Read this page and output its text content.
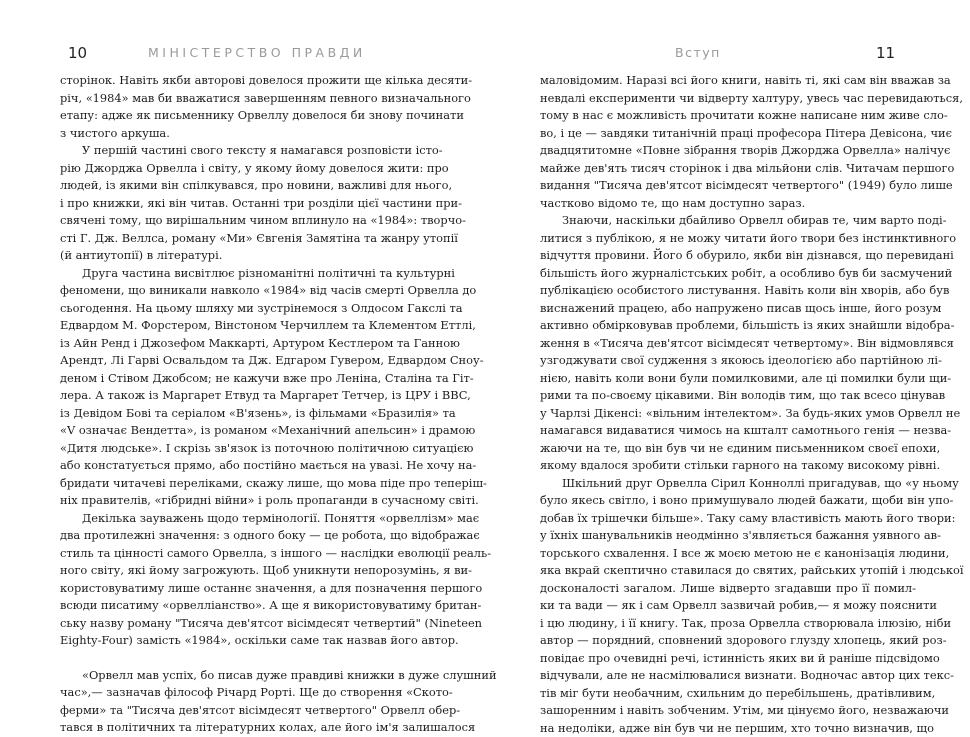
10	МІНІСТЕРСТВО ПРАВДИ
сторінок. Навіть якби авторові довелося прожити ще кілька десяти-
річ, «1984» мав би вважатися завершенням певного визначального
етапу: адже як письменнику Орвеллу довелося би знову починати
з чистого аркуша.
У першій частині свого тексту я намагався розповісти істо-
рію Джорджа Орвелла і світу, у якому йому довелося жити: про
людей, із якими він спілкувався, про новини, важливі для нього,
і про книжки, які він читав. Останні три розділи цієї частини при-
свячені тому, що вирішальним чином вплинуло на «1984»: творчо-
сті Г. Дж. Веллса, роману «Ми» Євгенія Замятіна та жанру утопії
(й антиутопії) в літературі.
Друга частина висвітлює різноманітні політичні та культурні
феномени, що виникали навколо «1984» від часів смерті Орвелла до
сьогодення. На цьому шляху ми зустрінемося з Олдосом Гакслі та
Едвардом М. Форстером, Вінстоном Черчиллем та Клементом Еттлі,
із Айн Ренд і Джозефом Маккарті, Артуром Кестлером та Ганною
Арендт, Лі Гарві Освальдом та Дж. Едгаром Гувером, Едвардом Сноу-
деном і Стівом Джобсом; не кажучи вже про Леніна, Сталіна та Гіт-
лера. А також із Маргарет Етвуд та Маргарет Тетчер, із ЦРУ і BBC,
із Девідом Бові та серіалом «В'язень», із фільмами «Бразилія» та
«V означає Вендетта», із романом «Механічний апельсин» і драмою
«Дитя людське». І скрізь зв'язок із поточною політичною ситуацією
або констатується прямо, або постійно мається на увазі. Не хочу на-
бридати читачеві переліками, скажу лише, що мова піде про теперіш-
ніх правителів, «гібридні війни» і роль пропаганди в сучасному світі.
Декілька зауважень щодо термінології. Поняття «орвеллізм» має
два протилежні значення: з одного боку — це робота, що відображає
стиль та цінності самого Орвелла, з іншого — наслідки еволюції реаль-
ного світу, які йому загрожують. Щоб уникнути непорозумінь, я ви-
користовуватиму лише останнє значення, а для позначення першого
всюди писатиму «орвелліанство». А ще я використовуватиму британ-
ську назву роману "Тисяча дев'ятсот вісімдесят четвертий" (Nineteen
Eighty-Four) замість «1984», оскільки саме так назвав його автор.
«Орвелл мав успіх, бо писав дуже правдиві книжки в дуже слушний
час»,— зазначав філософ Річард Рорті. Ще до створення «Ското-
ферми» та "Тисяча дев'ятсот вісімдесят четвертого" Орвелл обер-
тався в політичних та літературних колах, але його ім'я залишалося
Вступ	11
маловідомим. Наразі всі його книги, навіть ті, які сам він вважав за
невдалі експерименти чи відверту халтуру, увесь час перевидаються,
тому в нас є можливість прочитати кожне написане ним живе сло-
во, і це — завдяки титанічній праці професора Пітера Девісона, чиє
двадцятитомне «Повне зібрання творів Джорджа Орвелла» налічує
майже дев'ять тисяч сторінок і два мільйони слів. Читачам першого
видання "Тисяча дев'ятсот вісімдесят четвертого" (1949) було лише
частково відомо те, що нам доступно зараз.
Знаючи, наскільки дбайливо Орвелл обирав те, чим варто поді-
литися з публікою, я не можу читати його твори без інстинктивного
відчуття провини. Його б обурило, якби він дізнався, що перевидані
більшість його журналістських робіт, а особливо був би засмучений
публікацією особистого листування. Навіть коли він хворів, або був
виснажений працею, або напружено писав щось інше, його розум
активно обмірковував проблеми, більшість із яких знайшли відобра-
ження в «Тисяча дев'ятсот вісімдесят четвертому». Він відмовлявся
узгоджувати свої судження з якоюсь ідеологією або партійною лі-
нією, навіть коли вони були помилковими, але ці помилки були щи-
рими та по-своєму цікавими. Він володів тим, що так всесо цінував
у Чарлзі Дікенсі: «вільним інтелектом». За будь-яких умов Орвелл не
намагався видаватися чимось на кшталт самотнього генія — незва-
жаючи на те, що він був чи не єдиним письменником своєї епохи,
якому вдалося зробити стільки гарного на такому високому рівні.
Шкільний друг Орвелла Сірил Конноллі пригадував, що «у ньому
було якесь світло, і воно примушувало людей бажати, щоби він упо-
добав їх трішечки більше». Таку саму властивість мають його твори:
у їхніх шанувальників неодмінно з'являється бажання уявного ав-
торського схвалення. І все ж моєю метою не є канонізація людини,
яка вкрай скептично ставилася до святих, райських утопій і людської
досконалості загалом. Лише відверто згадавши про її помил-
ки та вади — як і сам Орвелл зазвичай робив,— я можу пояснити
і цю людину, і її книгу. Так, проза Орвелла створювала ілюзію, ніби
автор — порядний, сповнений здорового глузду хлопець, який роз-
повідає про очевидні речі, істинність яких ви й раніше підсвідомо
відчували, але не насмілювалися визнати. Водночас автор цих текс-
тів міг бути необачним, схильним до перебільшень, дратівливим,
зашоренним і навіть зобченим. Утім, ми цінуємо його, незважаючи
на недоліки, адже він був чи не першим, хто точно визначив, що
